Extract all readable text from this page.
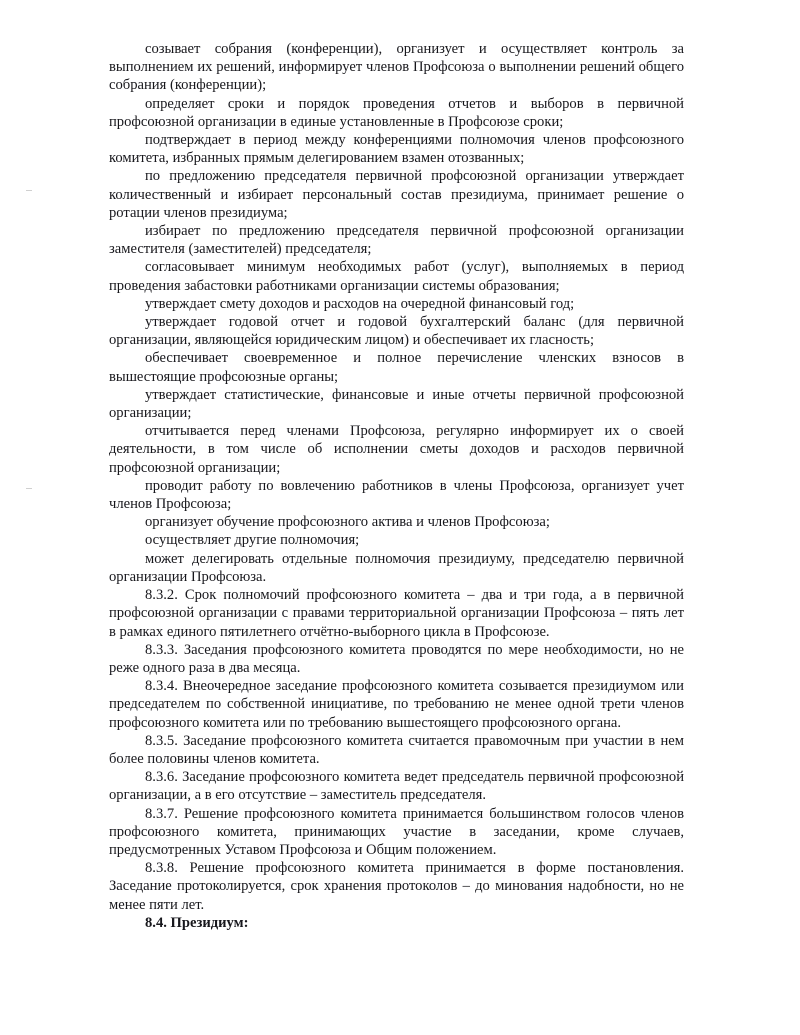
созывает собрания (конференции), организует и осуществляет контроль за выполнением их решений, информирует членов Профсоюза о выполнении решений общего собрания (конференции);

определяет сроки и порядок проведения отчетов и выборов в первичной профсоюзной организации в единые установленные в Профсоюзе сроки;

подтверждает в период между конференциями полномочия членов профсоюзного комитета, избранных прямым делегированием взамен отозванных;

по предложению председателя первичной профсоюзной организации утверждает количественный и избирает персональный состав президиума, принимает решение о ротации членов президиума;

избирает по предложению председателя первичной профсоюзной организации заместителя (заместителей) председателя;

согласовывает минимум необходимых работ (услуг), выполняемых в период проведения забастовки работниками организации системы образования;

утверждает смету доходов и расходов на очередной финансовый год;

утверждает годовой отчет и годовой бухгалтерский баланс (для первичной организации, являющейся юридическим лицом) и обеспечивает их гласность;

обеспечивает своевременное и полное перечисление членских взносов в вышестоящие профсоюзные органы;

утверждает статистические, финансовые и иные отчеты первичной профсоюзной организации;

отчитывается перед членами Профсоюза, регулярно информирует их о своей деятельности, в том числе об исполнении сметы доходов и расходов первичной профсоюзной организации;

проводит работу по вовлечению работников в члены Профсоюза, организует учет членов Профсоюза;

организует обучение профсоюзного актива и членов Профсоюза;

осуществляет другие полномочия;

может делегировать отдельные полномочия президиуму, председателю первичной организации Профсоюза.

8.3.2. Срок полномочий профсоюзного комитета – два и три года, а в первичной профсоюзной организации с правами территориальной организации Профсоюза – пять лет в рамках единого пятилетнего отчётно-выборного цикла в Профсоюзе.

8.3.3. Заседания профсоюзного комитета проводятся по мере необходимости, но не реже одного раза в два месяца.

8.3.4. Внеочередное заседание профсоюзного комитета созывается президиумом или председателем по собственной инициативе, по требованию не менее одной трети членов профсоюзного комитета или по требованию вышестоящего профсоюзного органа.

8.3.5. Заседание профсоюзного комитета считается правомочным при участии в нем более половины членов комитета.

8.3.6. Заседание профсоюзного комитета ведет председатель первичной профсоюзной организации, а в его отсутствие – заместитель председателя.

8.3.7. Решение профсоюзного комитета принимается большинством голосов членов профсоюзного комитета, принимающих участие в заседании, кроме случаев, предусмотренных Уставом Профсоюза и Общим положением.

8.3.8. Решение профсоюзного комитета принимается в форме постановления. Заседание протоколируется, срок хранения протоколов – до минования надобности, но не менее пяти лет.

8.4. Президиум:
